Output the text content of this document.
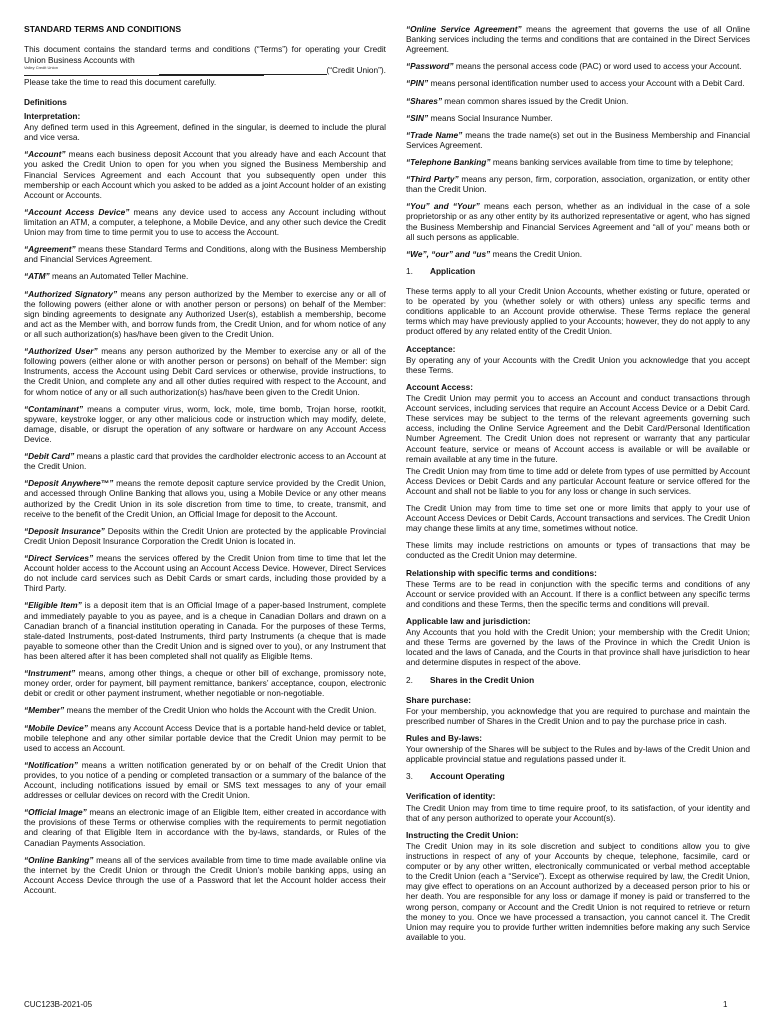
STANDARD TERMS AND CONDITIONS

This document contains the standard terms and conditions (“Terms”) for operating your Credit Union Business Accounts with

Valley Credit Union	(“Credit Union”).

Please take the time to read this document carefully.

Definitions
Interpretation:

Any defined term used in this Agreement, defined in the singular, is deemed to include the plural and vice versa.

“Account” means each business deposit Account that you already have and each Account that you asked the Credit Union to open for you when you signed the Business Membership and Financial Services Agreement and each Account that you subsequently open under this membership or each Account which you asked to be added as a joint Account holder of an existing Account or Accounts.

“Account Access Device” means any device used to access any Account including without limitation an ATM, a computer, a telephone, a Mobile Device, and any other such device the Credit Union may from time to time permit you to use to access the Account.

“Agreement” means these Standard Terms and Conditions, along with the Business Membership and Financial Services Agreement.

“ATM” means an Automated Teller Machine.

“Authorized Signatory” means any person authorized by the Member to exercise any or all of the following powers (either alone or with another person or persons) on behalf of the Member: sign binding agreements to designate any Authorized User(s), establish a membership, become and act as the Member with, and borrow funds from, the Credit Union, and for whom notice of any or all such authorization(s) has/have been given to the Credit Union.

“Authorized User” means any person authorized by the Member to exercise any or all of the following powers (either alone or with another person or persons) on behalf of the Member: sign Instruments, access the Account using Debit Card services or otherwise, provide instructions, to the Credit Union, and complete any and all other duties required with respect to the Account, and for whom notice of any or all such authorization(s) has/have been given to the Credit Union.

“Contaminant” means a computer virus, worm, lock, mole, time bomb, Trojan horse, rootkit, spyware, keystroke logger, or any other malicious code or instruction which may modify, delete, damage, disable, or disrupt the operation of any software or hardware on any Account Access Device.

“Debit Card” means a plastic card that provides the cardholder electronic access to an Account at the Credit Union.

“Deposit Anywhere™” means the remote deposit capture service provided by the Credit Union, and accessed through Online Banking that allows you, using a Mobile Device or any other means authorized by the Credit Union in its sole discretion from time to time, to create, transmit, and receive to the benefit of the Credit Union, an Official Image for deposit to the Account.

“Deposit Insurance” Deposits within the Credit Union are protected by the applicable Provincial Credit Union Deposit Insurance Corporation the Credit Union is located in.

“Direct Services” means the services offered by the Credit Union from time to time that let the Account holder access to the Account using an Account Access Device. However, Direct Services do not include card services such as Debit Cards or smart cards, including those provided by a Third Party.

“Eligible Item” is a deposit item that is an Official Image of a paper-based Instrument, complete and immediately payable to you as payee, and is a cheque in Canadian Dollars and drawn on a Canadian branch of a financial institution operating in Canada. For the purposes of these Terms, stale-dated Instruments, post-dated Instruments, third party Instruments (a cheque that is made payable to someone other than the Credit Union and is signed over to you), or any Instrument that has been altered after it has been completed shall not qualify as Eligible Items.

“Instrument” means, among other things, a cheque or other bill of exchange, promissory note, money order, order for payment, bill payment remittance, bankers’ acceptance, coupon, electronic debit or credit or other payment instrument, whether negotiable or non-negotiable.

“Member” means the member of the Credit Union who holds the Account with the Credit Union.

“Mobile Device” means any Account Access Device that is a portable hand-held device or tablet, mobile telephone and any other similar portable device that the Credit Union may permit to be used to access an Account.

“Notification” means a written notification generated by or on behalf of the Credit Union that provides, to you notice of a pending or completed transaction or a summary of the balance of the Account, including notifications issued by email or SMS text messages to any of your email addresses or cellular devices on record with the Credit Union.

“Official Image” means an electronic image of an Eligible Item, either created in accordance with the provisions of these Terms or otherwise complies with the requirements to permit negotiation and clearing of that Eligible Item in accordance with the by-laws, standards, or Rules of the Canadian Payments Association.

“Online Banking” means all of the services available from time to time made available online via the internet by the Credit Union or through the Credit Union’s mobile banking apps, using an Account Access Device through the use of a Password that let the Account holder access their Account.

“Online Service Agreement” means the agreement that governs the use of all Online Banking services including the terms and conditions that are contained in the Direct Services Agreement.

“Password” means the personal access code (PAC) or word used to access your Account.

“PIN” means personal identification number used to access your Account with a Debit Card.

“Shares” mean common shares issued by the Credit Union.

“SIN” means Social Insurance Number.

“Trade Name” means the trade name(s) set out in the Business Membership and Financial Services Agreement.

“Telephone Banking” means banking services available from time to time by telephone;

“Third Party” means any person, firm, corporation, association, organization, or entity other than the Credit Union.

“You” and “Your” means each person, whether as an individual in the case of a sole proprietorship or as any other entity by its authorized representative or agent, who has signed the Business Membership and Financial Services Agreement and “all of you” means both or all such persons as applicable.

“We”, “our” and “us” means the Credit Union.

1.	Application

These terms apply to all your Credit Union Accounts, whether existing or future, operated or to be operated by you (whether solely or with others) unless any specific terms and conditions applicable to an Account provide otherwise. These Terms replace the general terms which may have previously applied to your Accounts; however, they do not apply to any product offered by any related entity of the Credit Union.

Acceptance:

By operating any of your Accounts with the Credit Union you acknowledge that you accept these Terms.

Account Access:

The Credit Union may permit you to access an Account and conduct transactions through Account services, including services that require an Account Access Device or a Debit Card. These services may be subject to the terms of the relevant agreements governing such access, including the Online Service Agreement and the Debit Card/Personal Identification Number Agreement. The Credit Union does not represent or warranty that any particular Account feature, service or means of Account access is available or will be available or remain available at any time in the future.

The Credit Union may from time to time add or delete from types of use permitted by Account Access Devices or Debit Cards and any particular Account feature or service offered for the Account and shall not be liable to you for any loss or change in such services.

The Credit Union may from time to time set one or more limits that apply to your use of Account Access Devices or Debit Cards, Account transactions and services. The Credit Union may change these limits at any time, sometimes without notice.

These limits may include restrictions on amounts or types of transactions that may be conducted as the Credit Union may determine.

Relationship with specific terms and conditions:

These Terms are to be read in conjunction with the specific terms and conditions of any Account or service provided with an Account. If there is a conflict between any specific terms and conditions and these Terms, then the specific terms and conditions will prevail.

Applicable law and jurisdiction:

Any Accounts that you hold with the Credit Union; your membership with the Credit Union; and these Terms are governed by the laws of the Province in which the Credit Union is located and the laws of Canada, and the Courts in that province shall have jurisdiction to hear and determine disputes in respect of the above.

2.	Shares in the Credit Union
Share purchase:

For your membership, you acknowledge that you are required to purchase and maintain the prescribed number of Shares in the Credit Union and to pay the purchase price in cash.

Rules and By-laws:

Your ownership of the Shares will be subject to the Rules and by-laws of the Credit Union and applicable provincial statue and regulations passed under it.

3.	Account Operating
Verification of identity:

The Credit Union may from time to time require proof, to its satisfaction, of your identity and that of any person authorized to operate your Account(s).

Instructing the Credit Union:

The Credit Union may in its sole discretion and subject to conditions allow you to give instructions in respect of any of your Accounts by cheque, telephone, facsimile, card or computer or by any other written, electronically communicated or verbal method acceptable to the Credit Union (each a “Service”). Except as otherwise required by law, the Credit Union, may give effect to operations on an Account authorized by a deceased person prior to his or her death. You are responsible for any loss or damage if money is paid or transferred to the wrong person, company or Account and the Credit Union is not required to retrieve or return the money to you. Once we have processed a transaction, you cannot cancel it. The Credit Union may require you to provide further written indemnities before making any such Service available to you.

CUC123B-2021-05	1
